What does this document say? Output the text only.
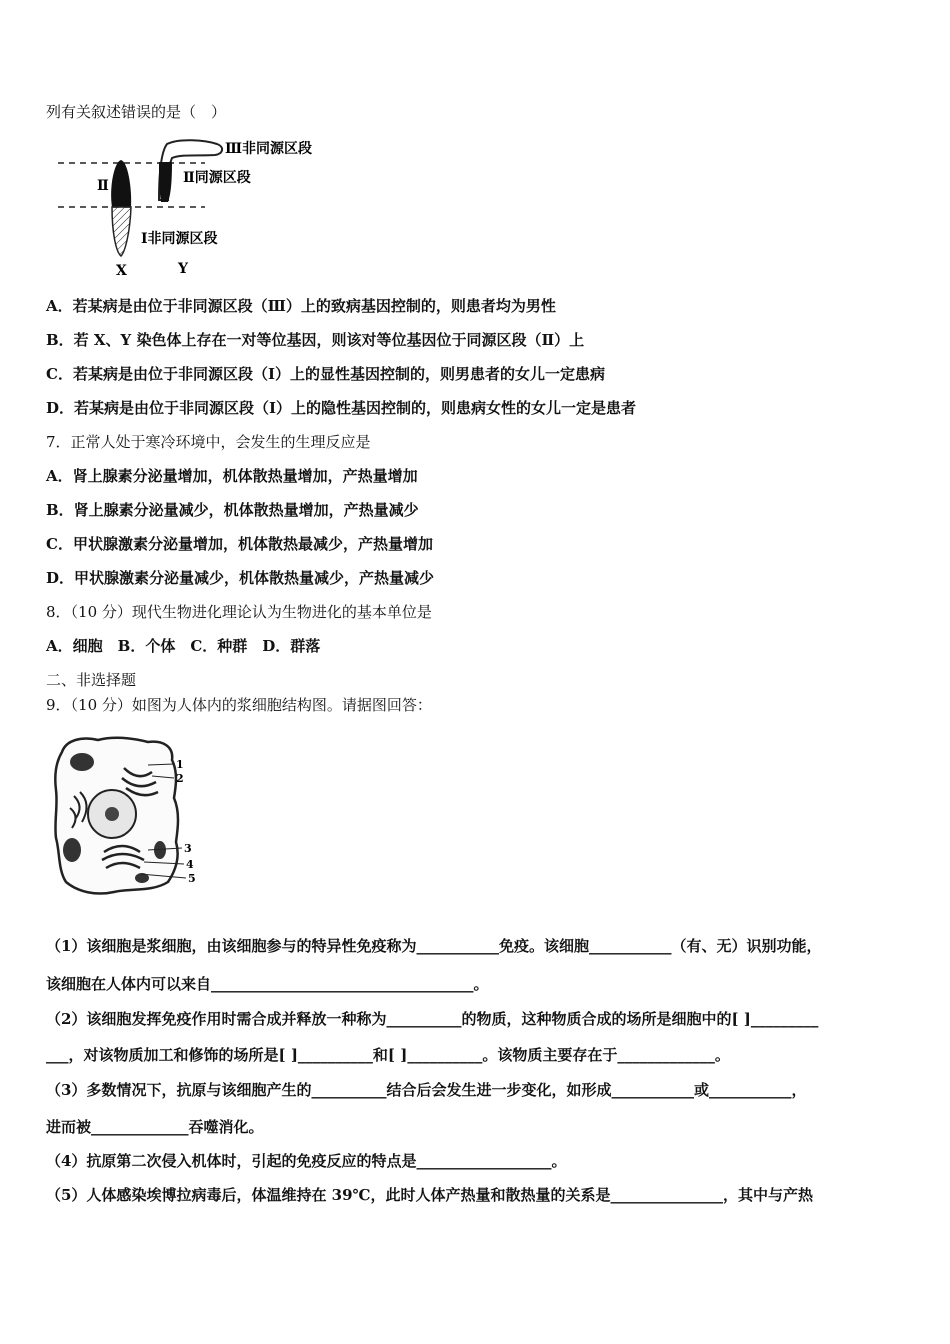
列有关叙述错误的是（　）
Ⅱ
Ⅲ非同源区段
Ⅱ同源区段
Ⅰ非同源区段
X	Y
A．若某病是由位于非同源区段（Ⅲ）上的致病基因控制的，则患者均为男性
B．若 X、Y 染色体上存在一对等位基因，则该对等位基因位于同源区段（Ⅱ）上
C．若某病是由位于非同源区段（I）上的显性基因控制的，则男患者的女儿一定患病
D．若某病是由位于非同源区段（I）上的隐性基因控制的，则患病女性的女儿一定是患者
7．正常人处于寒冷环境中，会发生的生理反应是
A．肾上腺素分泌量增加，机体散热量增加，产热量增加
B．肾上腺素分泌量减少，机体散热量增加，产热量减少
C．甲状腺激素分泌量增加，机体散热最减少，产热量增加
D．甲状腺激素分泌量减少，机体散热量减少，产热量减少
8．（10 分）现代生物进化理论认为生物进化的基本单位是
A．细胞　B．个体　C．种群　D．群落
二、非选择题
9．（10 分）如图为人体内的浆细胞结构图。请据图回答：
1
2
3
4
5
（1）该细胞是浆细胞，由该细胞参与的特异性免疫称为___________免疫。该细胞___________（有、无）识别功能，
该细胞在人体内可以来自___________________________________。
（2）该细胞发挥免疫作用时需合成并释放一种称为__________的物质，这种物质合成的场所是细胞中的[ ]_________
___，对该物质加工和修饰的场所是[ ]__________和[ ]__________。该物质主要存在于_____________。
（3）多数情况下，抗原与该细胞产生的__________结合后会发生进一步变化，如形成___________或___________，
进而被_____________吞噬消化。
（4）抗原第二次侵入机体时，引起的免疫反应的特点是__________________。
（5）人体感染埃博拉病毒后，体温维持在 39℃，此时人体产热量和散热量的关系是_______________，其中与产热
